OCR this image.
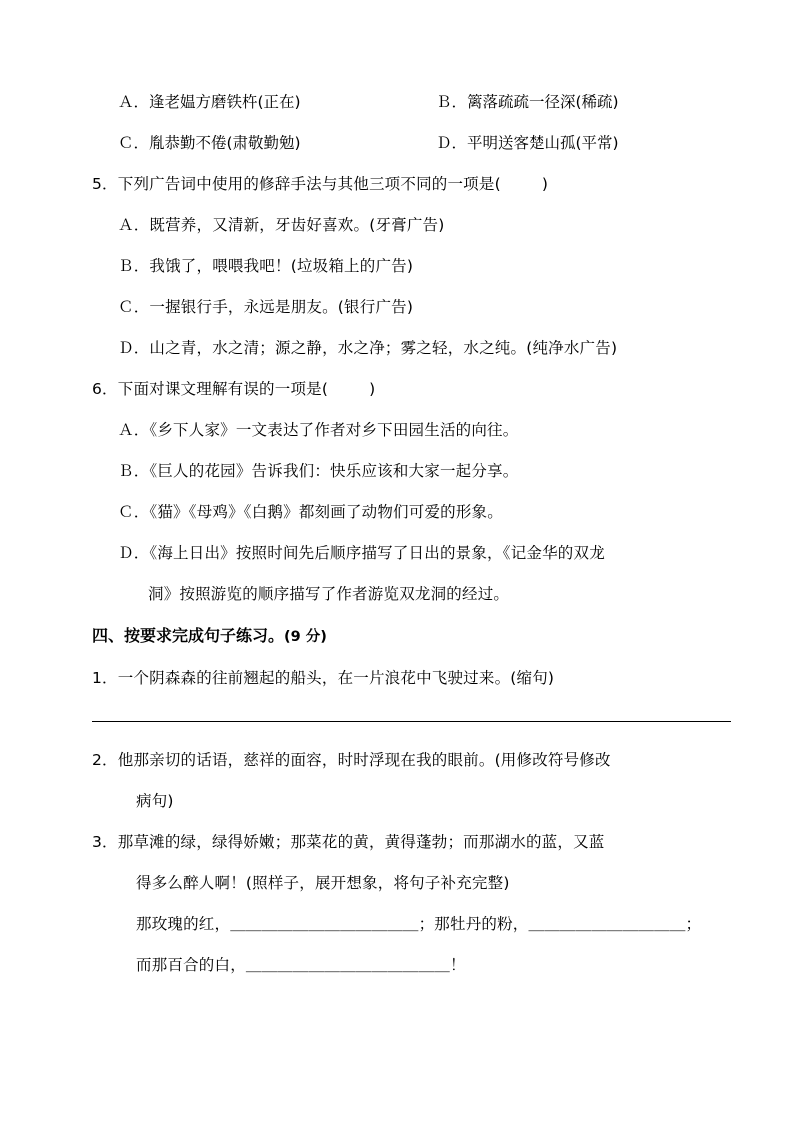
Ａ．逢老媪方磨铁杵(正在)	Ｂ．篱落疏疏一径深(稀疏)
Ｃ．胤恭勤不倦(肃敬勤勉)	Ｄ．平明送客楚山孤(平常)
5．下列广告词中使用的修辞手法与其他三项不同的一项是(        )
Ａ．既营养，又清新，牙齿好喜欢。(牙膏广告)
Ｂ．我饿了，喂喂我吧！(垃圾箱上的广告)
Ｃ．一握银行手，永远是朋友。(银行广告)
Ｄ．山之青，水之清；源之静，水之净；雾之轻，水之纯。(纯净水广告)
6．下面对课文理解有误的一项是(        )
Ａ．《乡下人家》一文表达了作者对乡下田园生活的向往。
Ｂ．《巨人的花园》告诉我们：快乐应该和大家一起分享。
Ｃ．《猫》《母鸡》《白鹅》都刻画了动物们可爱的形象。
Ｄ．《海上日出》按照时间先后顺序描写了日出的景象，《记金华的双龙
洞》按照游览的顺序描写了作者游览双龙洞的经过。
四、按要求完成句子练习。(9 分)
1．一个阴森森的往前翘起的船头，在一片浪花中飞驶过来。(缩句)
2．他那亲切的话语，慈祥的面容，时时浮现在我的眼前。(用修改符号修改
病句)
3．那草滩的绿，绿得娇嫩；那菜花的黄，黄得蓬勃；而那湖水的蓝，又蓝
得多么醉人啊！(照样子，展开想象，将句子补充完整)
那玫瑰的红，＿＿＿＿＿＿＿＿＿＿＿＿；那牡丹的粉，＿＿＿＿＿＿＿＿＿＿；
而那百合的白，＿＿＿＿＿＿＿＿＿＿＿＿＿！
